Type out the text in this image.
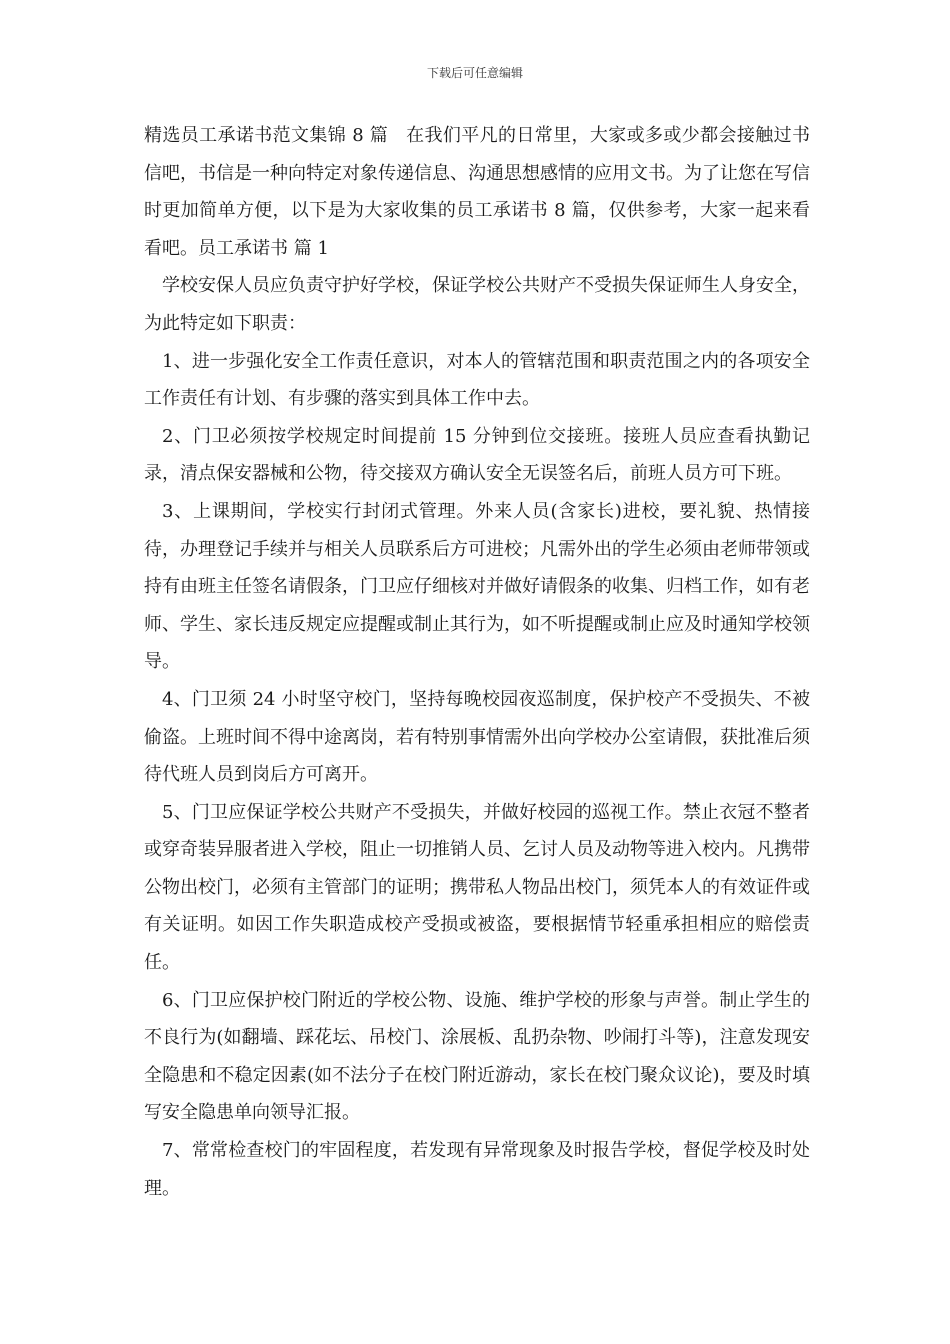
下载后可任意编辑

精选员工承诺书范文集锦 8 篇 在我们平凡的日常里，大家或多或少都会接触过书信吧，书信是一种向特定对象传递信息、沟通思想感情的应用文书。为了让您在写信时更加简单方便，以下是为大家收集的员工承诺书 8 篇，仅供参考，大家一起来看看吧。员工承诺书 篇 1

学校安保人员应负责守护好学校，保证学校公共财产不受损失保证师生人身安全，为此特定如下职责：

1、进一步强化安全工作责任意识，对本人的管辖范围和职责范围之内的各项安全工作责任有计划、有步骤的落实到具体工作中去。

2、门卫必须按学校规定时间提前 15 分钟到位交接班。接班人员应查看执勤记录，清点保安器械和公物，待交接双方确认安全无误签名后，前班人员方可下班。

3、上课期间，学校实行封闭式管理。外来人员(含家长)进校，要礼貌、热情接待，办理登记手续并与相关人员联系后方可进校；凡需外出的学生必须由老师带领或持有由班主任签名请假条，门卫应仔细核对并做好请假条的收集、归档工作，如有老师、学生、家长违反规定应提醒或制止其行为，如不听提醒或制止应及时通知学校领导。

4、门卫须 24 小时坚守校门，坚持每晚校园夜巡制度，保护校产不受损失、不被偷盗。上班时间不得中途离岗，若有特别事情需外出向学校办公室请假，获批准后须待代班人员到岗后方可离开。

5、门卫应保证学校公共财产不受损失，并做好校园的巡视工作。禁止衣冠不整者或穿奇装异服者进入学校，阻止一切推销人员、乞讨人员及动物等进入校内。凡携带公物出校门，必须有主管部门的证明；携带私人物品出校门，须凭本人的有效证件或有关证明。如因工作失职造成校产受损或被盗，要根据情节轻重承担相应的赔偿责任。

6、门卫应保护校门附近的学校公物、设施、维护学校的形象与声誉。制止学生的不良行为(如翻墙、踩花坛、吊校门、涂展板、乱扔杂物、吵闹打斗等)，注意发现安全隐患和不稳定因素(如不法分子在校门附近游动，家长在校门聚众议论)，要及时填写安全隐患单向领导汇报。

7、常常检查校门的牢固程度，若发现有异常现象及时报告学校，督促学校及时处理。
